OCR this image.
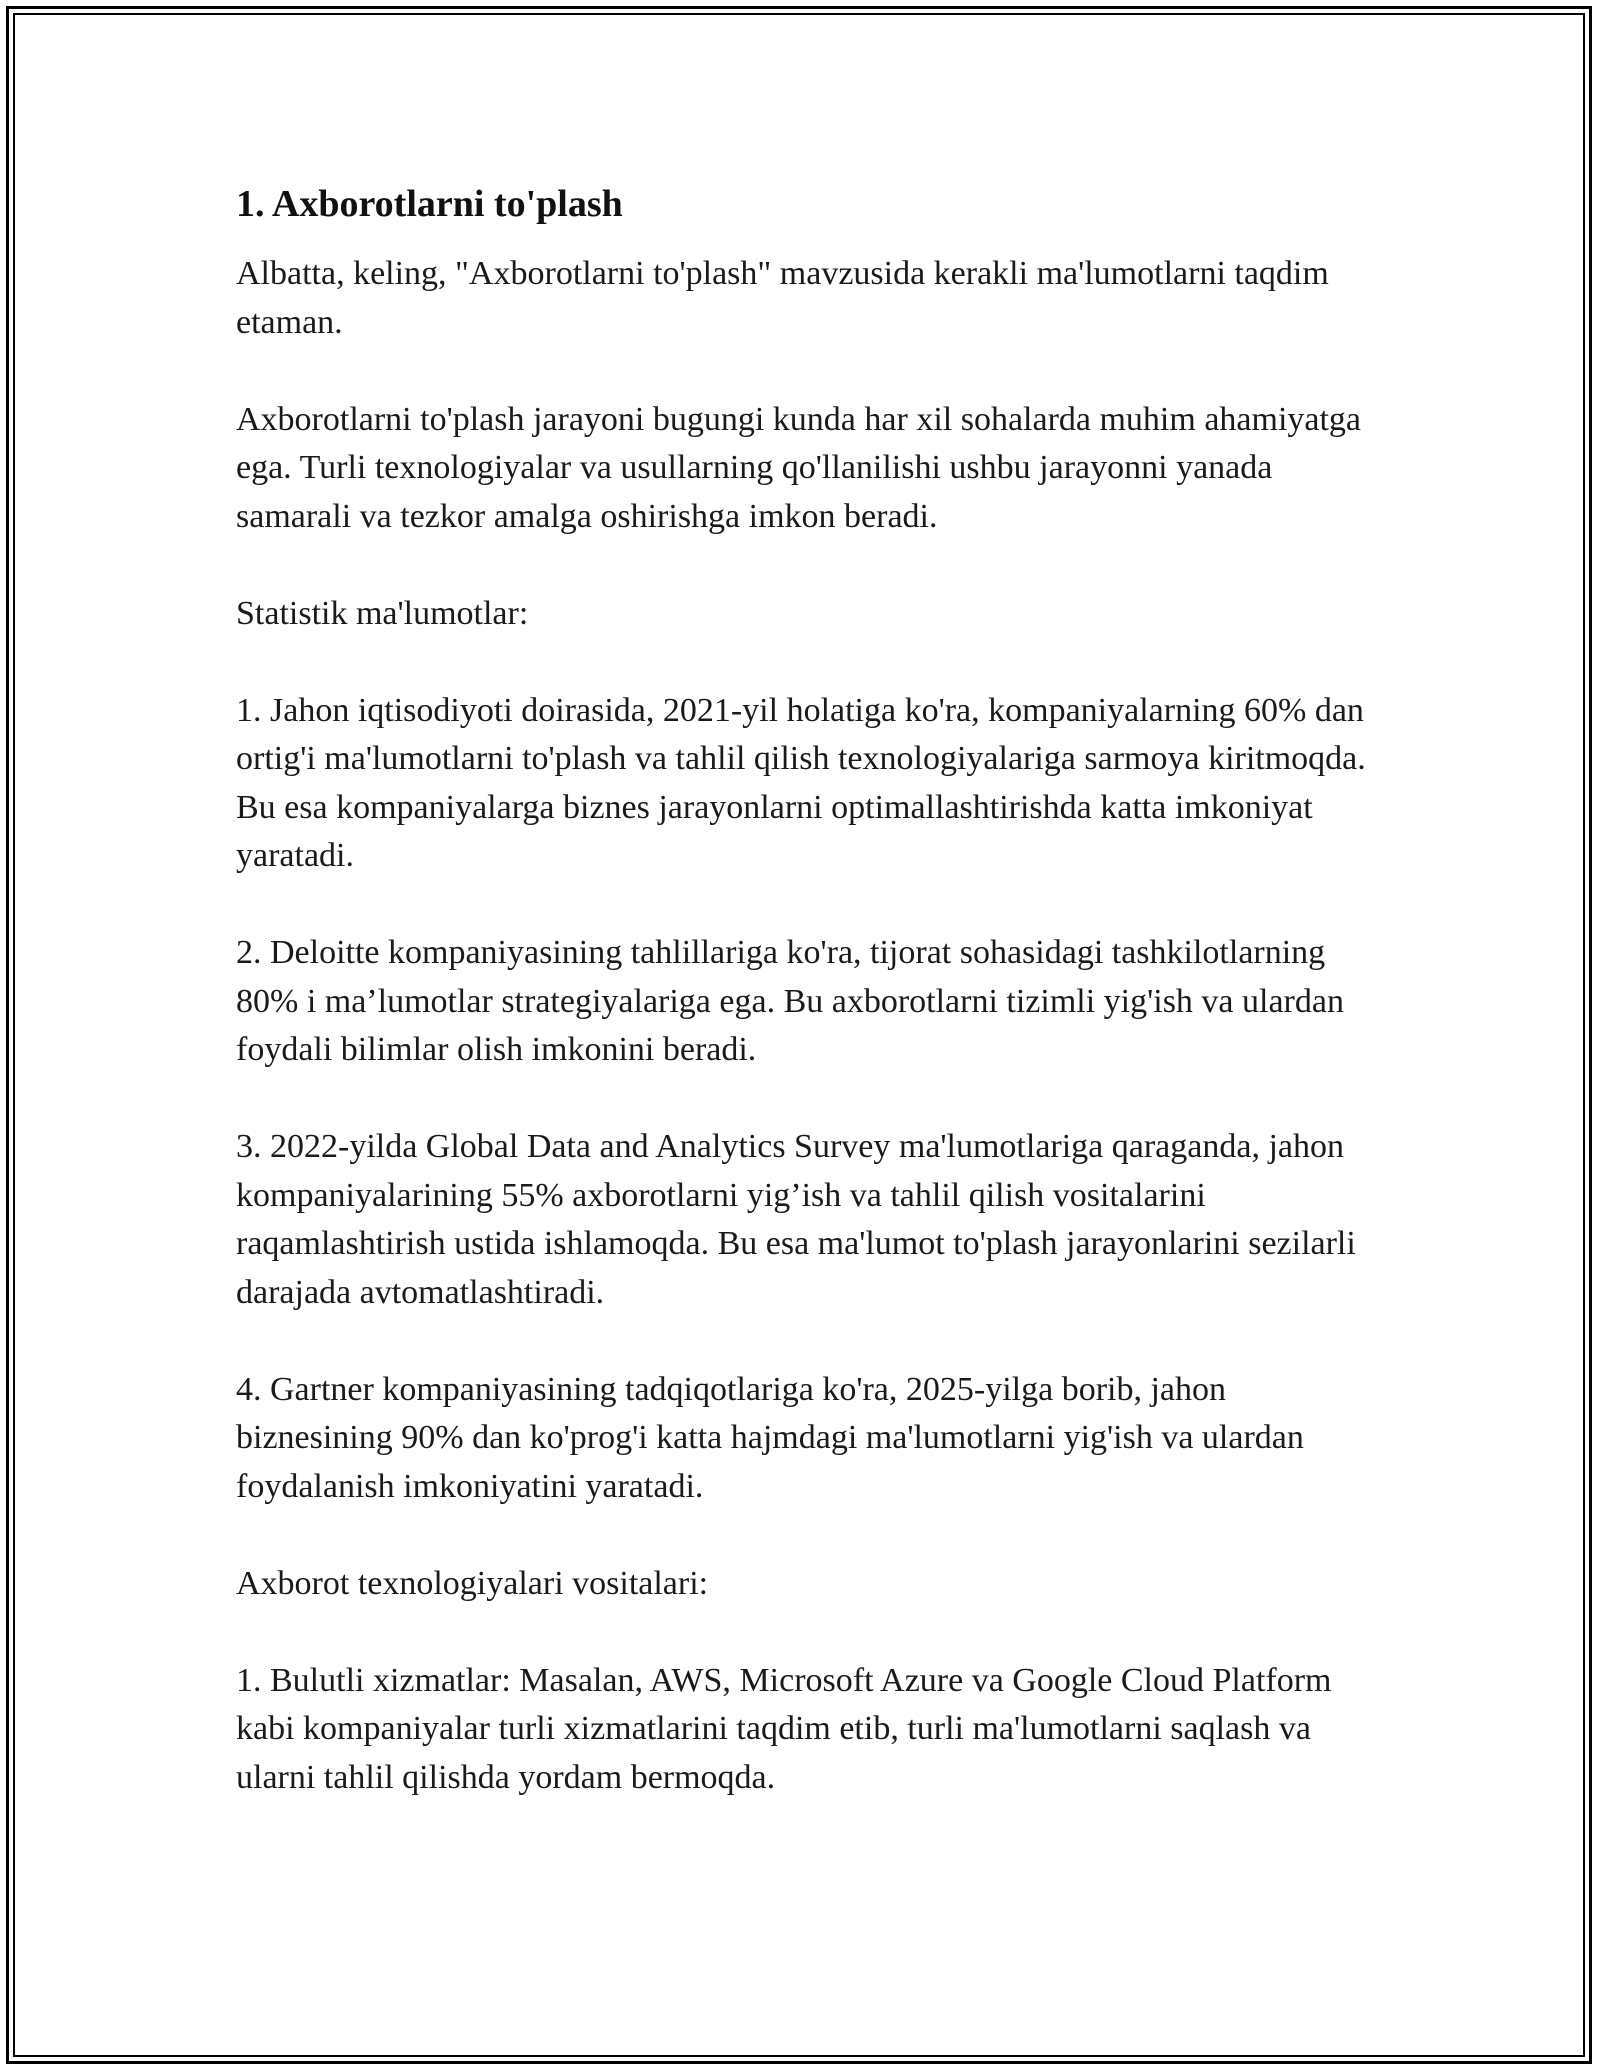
1. Axborotlarni to'plash

Albatta, keling, "Axborotlarni to'plash" mavzusida kerakli ma'lumotlarni taqdim etaman.

Axborotlarni to'plash jarayoni bugungi kunda har xil sohalarda muhim ahamiyatga ega. Turli texnologiyalar va usullarning qo'llanilishi ushbu jarayonni yanada samarali va tezkor amalga oshirishga imkon beradi.

Statistik ma'lumotlar:

1. Jahon iqtisodiyoti doirasida, 2021-yil holatiga ko'ra, kompaniyalarning 60% dan ortig'i ma'lumotlarni to'plash va tahlil qilish texnologiyalariga sarmoya kiritmoqda. Bu esa kompaniyalarga biznes jarayonlarni optimallashtirishda katta imkoniyat yaratadi.

2. Deloitte kompaniyasining tahlillariga ko'ra, tijorat sohasidagi tashkilotlarning 80% i ma’lumotlar strategiyalariga ega. Bu axborotlarni tizimli yig'ish va ulardan foydali bilimlar olish imkonini beradi.

3. 2022-yilda Global Data and Analytics Survey ma'lumotlariga qaraganda, jahon kompaniyalarining 55% axborotlarni yig’ish va tahlil qilish vositalarini raqamlashtirish ustida ishlamoqda. Bu esa ma'lumot to'plash jarayonlarini sezilarli darajada avtomatlashtiradi.

4. Gartner kompaniyasining tadqiqotlariga ko'ra, 2025-yilga borib, jahon biznesining 90% dan ko'prog'i katta hajmdagi ma'lumotlarni yig'ish va ulardan foydalanish imkoniyatini yaratadi.

Axborot texnologiyalari vositalari:

1. Bulutli xizmatlar: Masalan, AWS, Microsoft Azure va Google Cloud Platform kabi kompaniyalar turli xizmatlarini taqdim etib, turli ma'lumotlarni saqlash va ularni tahlil qilishda yordam bermoqda.
